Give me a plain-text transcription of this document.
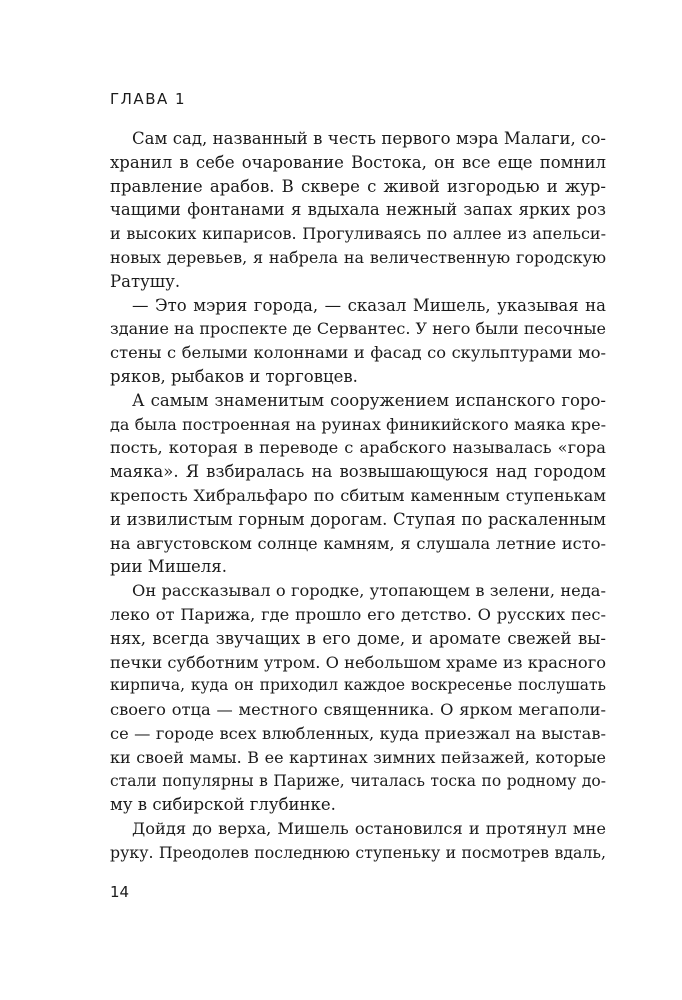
ГЛАВА 1

Сам сад, названный в честь первого мэра Малаги, со-
хранил в себе очарование Востока, он все еще помнил
правление арабов. В сквере с живой изгородью и жур-
чащими фонтанами я вдыхала нежный запах ярких роз
и высоких кипарисов. Прогуливаясь по аллее из апельси-
новых деревьев, я набрела на величественную городскую
Ратушу.
— Это мэрия города, — сказал Мишель, указывая на
здание на проспекте де Сервантес. У него были песочные
стены с белыми колоннами и фасад со скульптурами мо-
ряков, рыбаков и торговцев.
А самым знаменитым сооружением испанского горо-
да была построенная на руинах финикийского маяка кре-
пость, которая в переводе с арабского называлась «гора
маяка». Я взбиралась на возвышающуюся над городом
крепость Хибральфаро по сбитым каменным ступенькам
и извилистым горным дорогам. Ступая по раскаленным
на августовском солнце камням, я слушала летние исто-
рии Мишеля.
Он рассказывал о городке, утопающем в зелени, неда-
леко от Парижа, где прошло его детство. О русских пес-
нях, всегда звучащих в его доме, и аромате свежей вы-
печки субботним утром. О небольшом храме из красного
кирпича, куда он приходил каждое воскресенье послушать
своего отца — местного священника. О ярком мегаполи-
се — городе всех влюбленных, куда приезжал на выстав-
ки своей мамы. В ее картинах зимних пейзажей, которые
стали популярны в Париже, читалась тоска по родному до-
му в сибирской глубинке.
Дойдя до верха, Мишель остановился и протянул мне
руку. Преодолев последнюю ступеньку и посмотрев вдаль,

14
